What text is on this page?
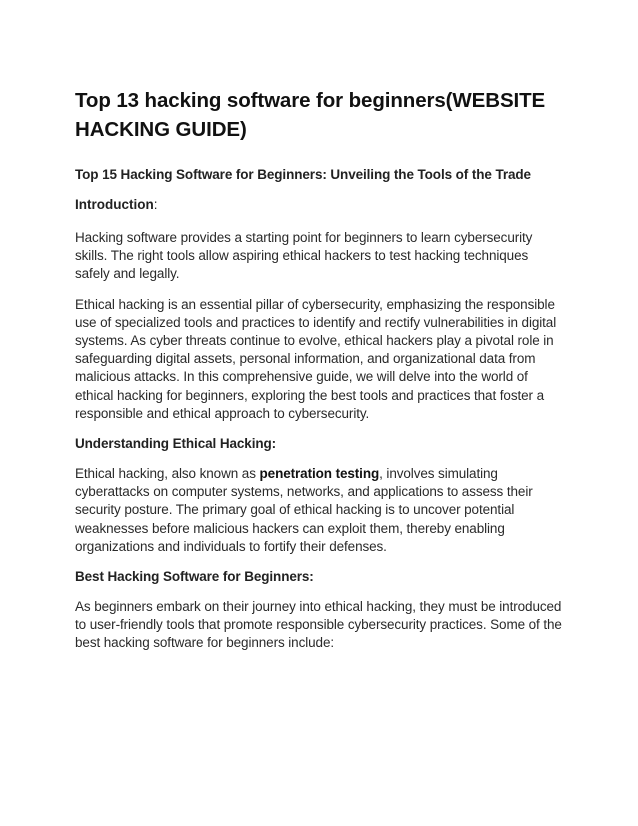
Top 13 hacking software for beginners(WEBSITE HACKING GUIDE)
Top 15 Hacking Software for Beginners: Unveiling the Tools of the Trade
Introduction:

Hacking software provides a starting point for beginners to learn cybersecurity skills. The right tools allow aspiring ethical hackers to test hacking techniques safely and legally.

Ethical hacking is an essential pillar of cybersecurity, emphasizing the responsible use of specialized tools and practices to identify and rectify vulnerabilities in digital systems. As cyber threats continue to evolve, ethical hackers play a pivotal role in safeguarding digital assets, personal information, and organizational data from malicious attacks. In this comprehensive guide, we will delve into the world of ethical hacking for beginners, exploring the best tools and practices that foster a responsible and ethical approach to cybersecurity.

Understanding Ethical Hacking:

Ethical hacking, also known as penetration testing, involves simulating cyberattacks on computer systems, networks, and applications to assess their security posture. The primary goal of ethical hacking is to uncover potential weaknesses before malicious hackers can exploit them, thereby enabling organizations and individuals to fortify their defenses.

Best Hacking Software for Beginners:

As beginners embark on their journey into ethical hacking, they must be introduced to user-friendly tools that promote responsible cybersecurity practices. Some of the best hacking software for beginners include:
